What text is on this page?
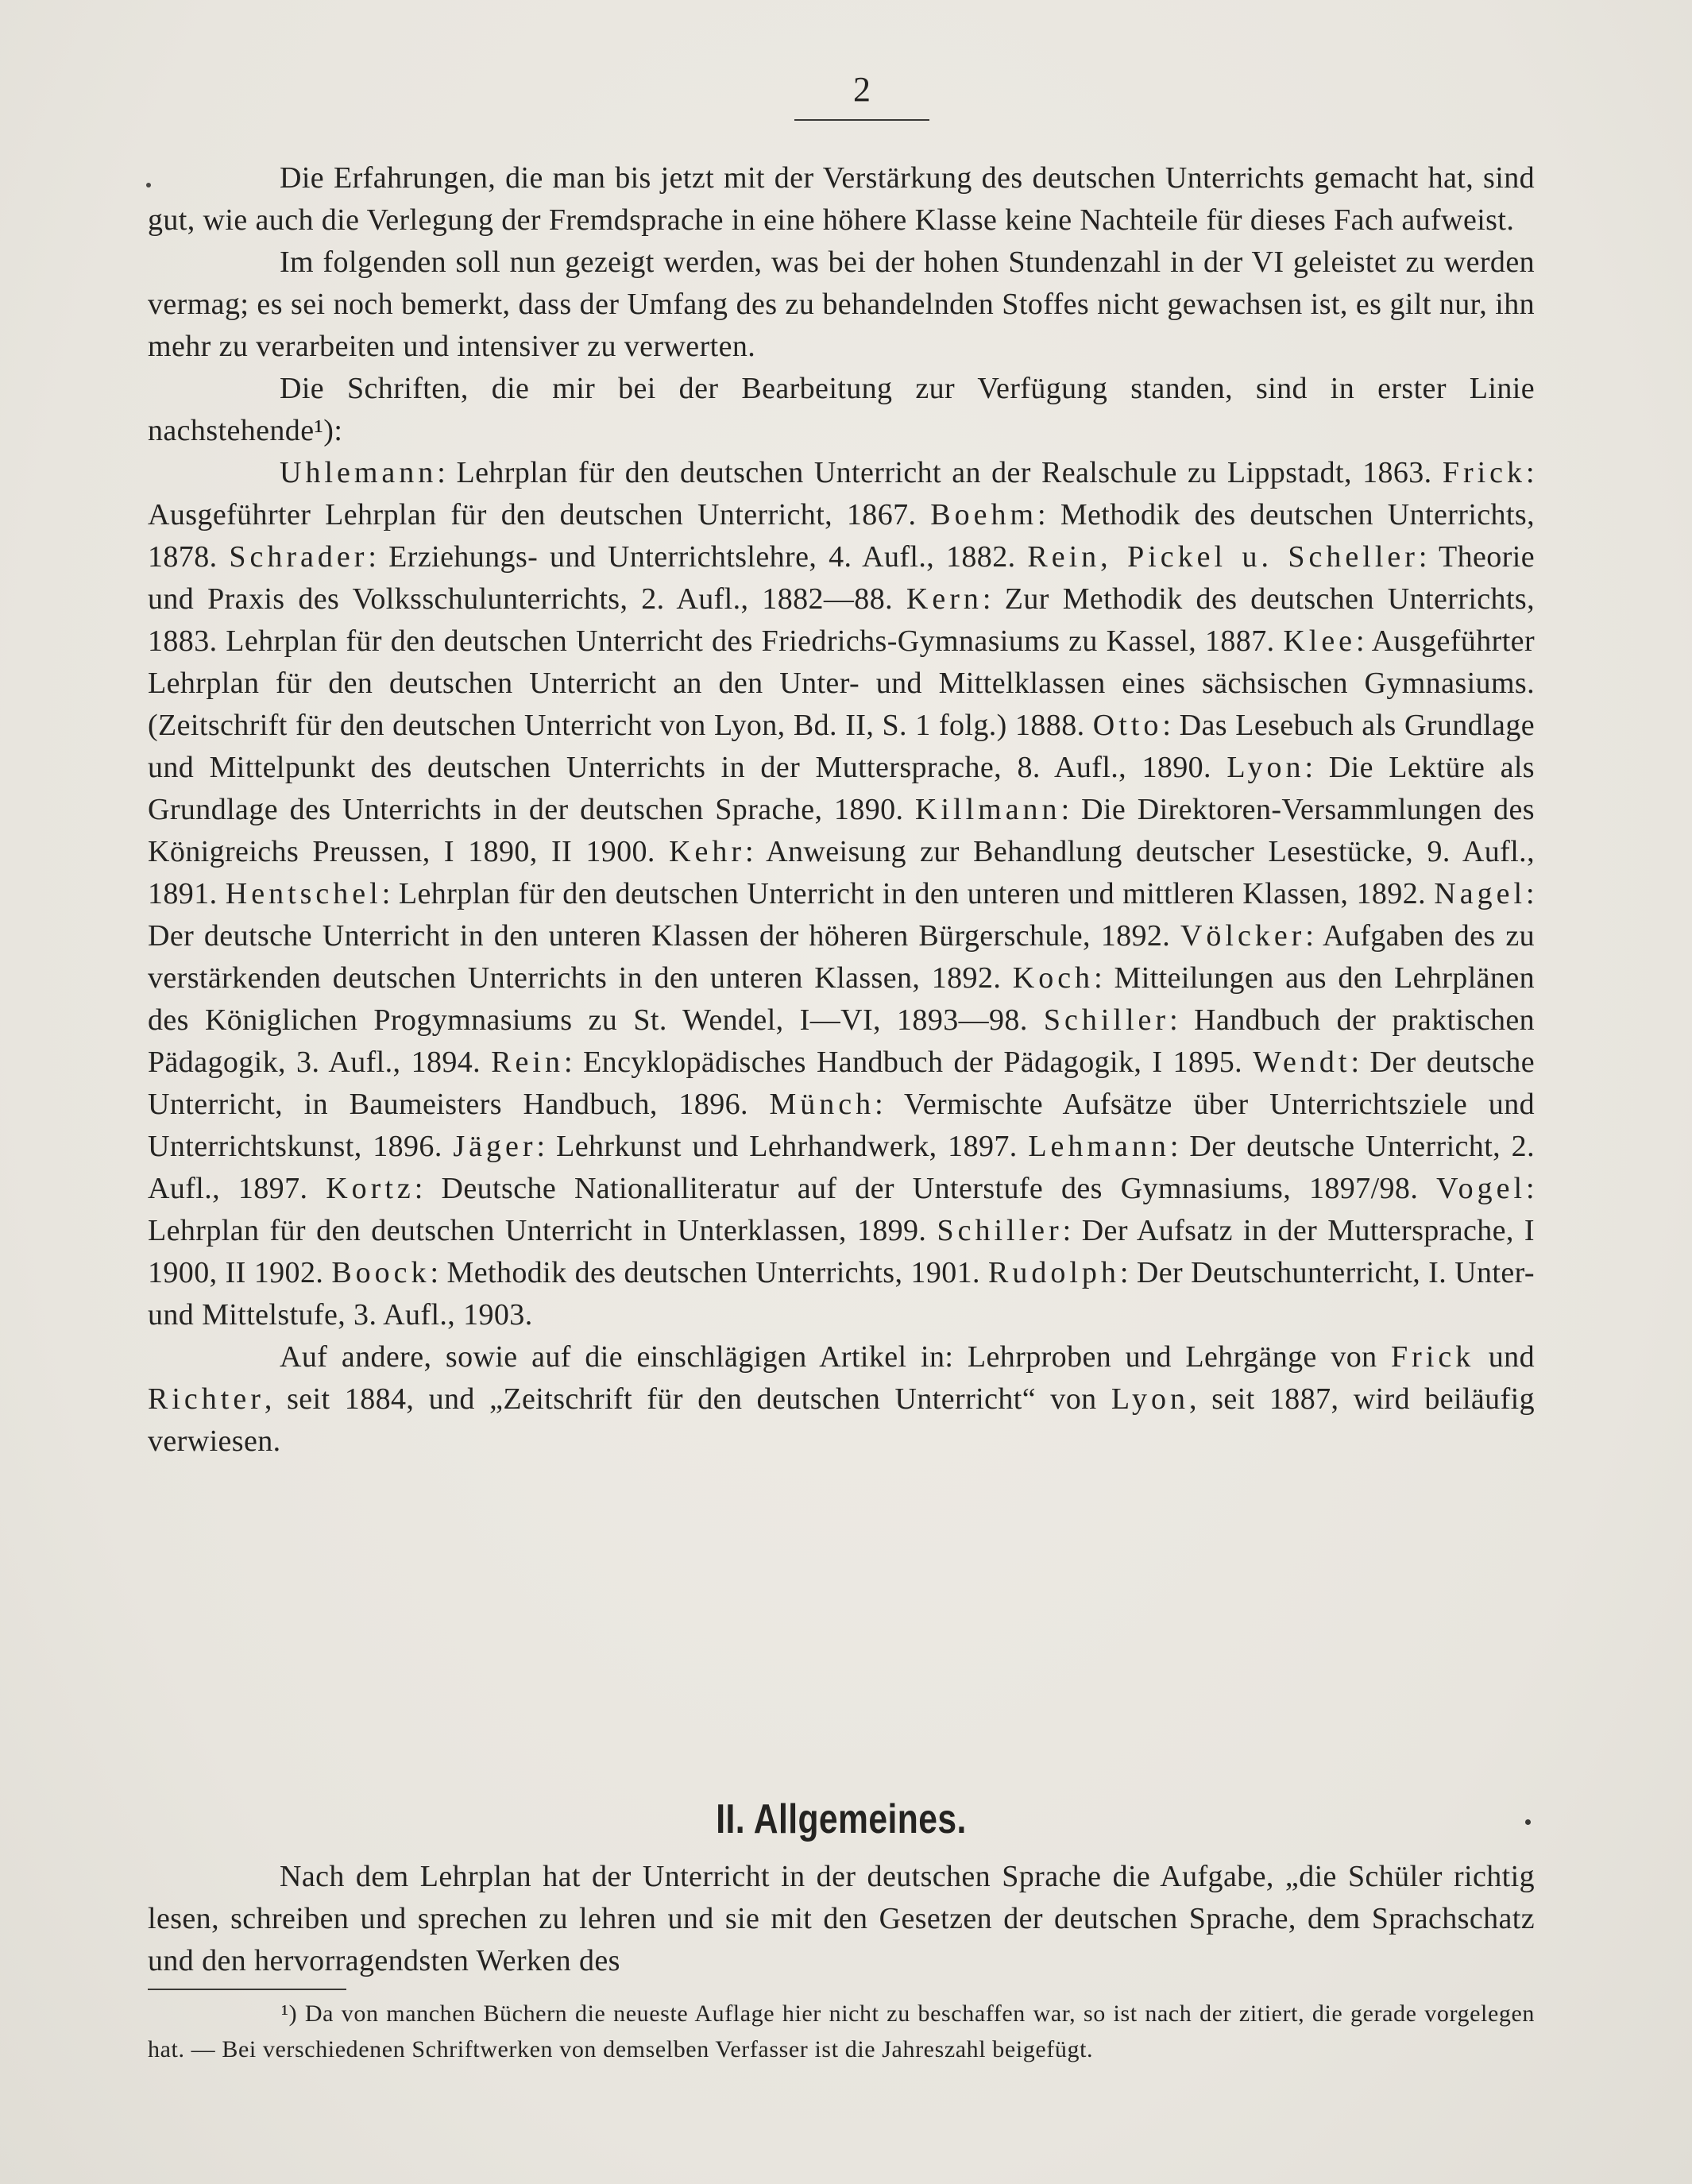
2

Die Erfahrungen, die man bis jetzt mit der Verstärkung des deutschen Unterrichts gemacht hat, sind gut, wie auch die Verlegung der Fremdsprache in eine höhere Klasse keine Nachteile für dieses Fach aufweist.

Im folgenden soll nun gezeigt werden, was bei der hohen Stundenzahl in der VI geleistet zu werden vermag; es sei noch bemerkt, dass der Umfang des zu behandelnden Stoffes nicht gewachsen ist, es gilt nur, ihn mehr zu verarbeiten und intensiver zu verwerten.

Die Schriften, die mir bei der Bearbeitung zur Verfügung standen, sind in erster Linie nachstehende¹):

Uhlemann: Lehrplan für den deutschen Unterricht an der Realschule zu Lippstadt, 1863. Frick: Ausgeführter Lehrplan für den deutschen Unterricht, 1867. Boehm: Methodik des deutschen Unterrichts, 1878. Schrader: Erziehungs- und Unterrichtslehre, 4. Aufl., 1882. Rein, Pickel u. Scheller: Theorie und Praxis des Volksschulunterrichts, 2. Aufl., 1882—88. Kern: Zur Methodik des deutschen Unterrichts, 1883. Lehrplan für den deutschen Unterricht des Friedrichs-Gymnasiums zu Kassel, 1887. Klee: Ausgeführter Lehrplan für den deutschen Unterricht an den Unter- und Mittelklassen eines sächsischen Gymnasiums. (Zeitschrift für den deutschen Unterricht von Lyon, Bd. II, S. 1 folg.) 1888. Otto: Das Lesebuch als Grundlage und Mittelpunkt des deutschen Unterrichts in der Muttersprache, 8. Aufl., 1890. Lyon: Die Lektüre als Grundlage des Unterrichts in der deutschen Sprache, 1890. Killmann: Die Direktoren-Versammlungen des Königreichs Preussen, I 1890, II 1900. Kehr: Anweisung zur Behandlung deutscher Lesestücke, 9. Aufl., 1891. Hentschel: Lehrplan für den deutschen Unterricht in den unteren und mittleren Klassen, 1892. Nagel: Der deutsche Unterricht in den unteren Klassen der höheren Bürgerschule, 1892. Völcker: Aufgaben des zu verstärkenden deutschen Unterrichts in den unteren Klassen, 1892. Koch: Mitteilungen aus den Lehrplänen des Königlichen Progymnasiums zu St. Wendel, I—VI, 1893—98. Schiller: Handbuch der praktischen Pädagogik, 3. Aufl., 1894. Rein: Encyklopädisches Handbuch der Pädagogik, I 1895. Wendt: Der deutsche Unterricht, in Baumeisters Handbuch, 1896. Münch: Vermischte Aufsätze über Unterrichtsziele und Unterrichtskunst, 1896. Jäger: Lehrkunst und Lehrhandwerk, 1897. Lehmann: Der deutsche Unterricht, 2. Aufl., 1897. Kortz: Deutsche Nationalliteratur auf der Unterstufe des Gymnasiums, 1897/98. Vogel: Lehrplan für den deutschen Unterricht in Unterklassen, 1899. Schiller: Der Aufsatz in der Muttersprache, I 1900, II 1902. Boock: Methodik des deutschen Unterrichts, 1901. Rudolph: Der Deutschunterricht, I. Unter- und Mittelstufe, 3. Aufl., 1903.

Auf andere, sowie auf die einschlägigen Artikel in: Lehrproben und Lehrgänge von Frick und Richter, seit 1884, und „Zeitschrift für den deutschen Unterricht“ von Lyon, seit 1887, wird beiläufig verwiesen.

II. Allgemeines.

Nach dem Lehrplan hat der Unterricht in der deutschen Sprache die Aufgabe, „die Schüler richtig lesen, schreiben und sprechen zu lehren und sie mit den Gesetzen der deutschen Sprache, dem Sprachschatz und den hervorragendsten Werken des

¹) Da von manchen Büchern die neueste Auflage hier nicht zu beschaffen war, so ist nach der zitiert, die gerade vorgelegen hat. — Bei verschiedenen Schriftwerken von demselben Verfasser ist die Jahreszahl beigefügt.
